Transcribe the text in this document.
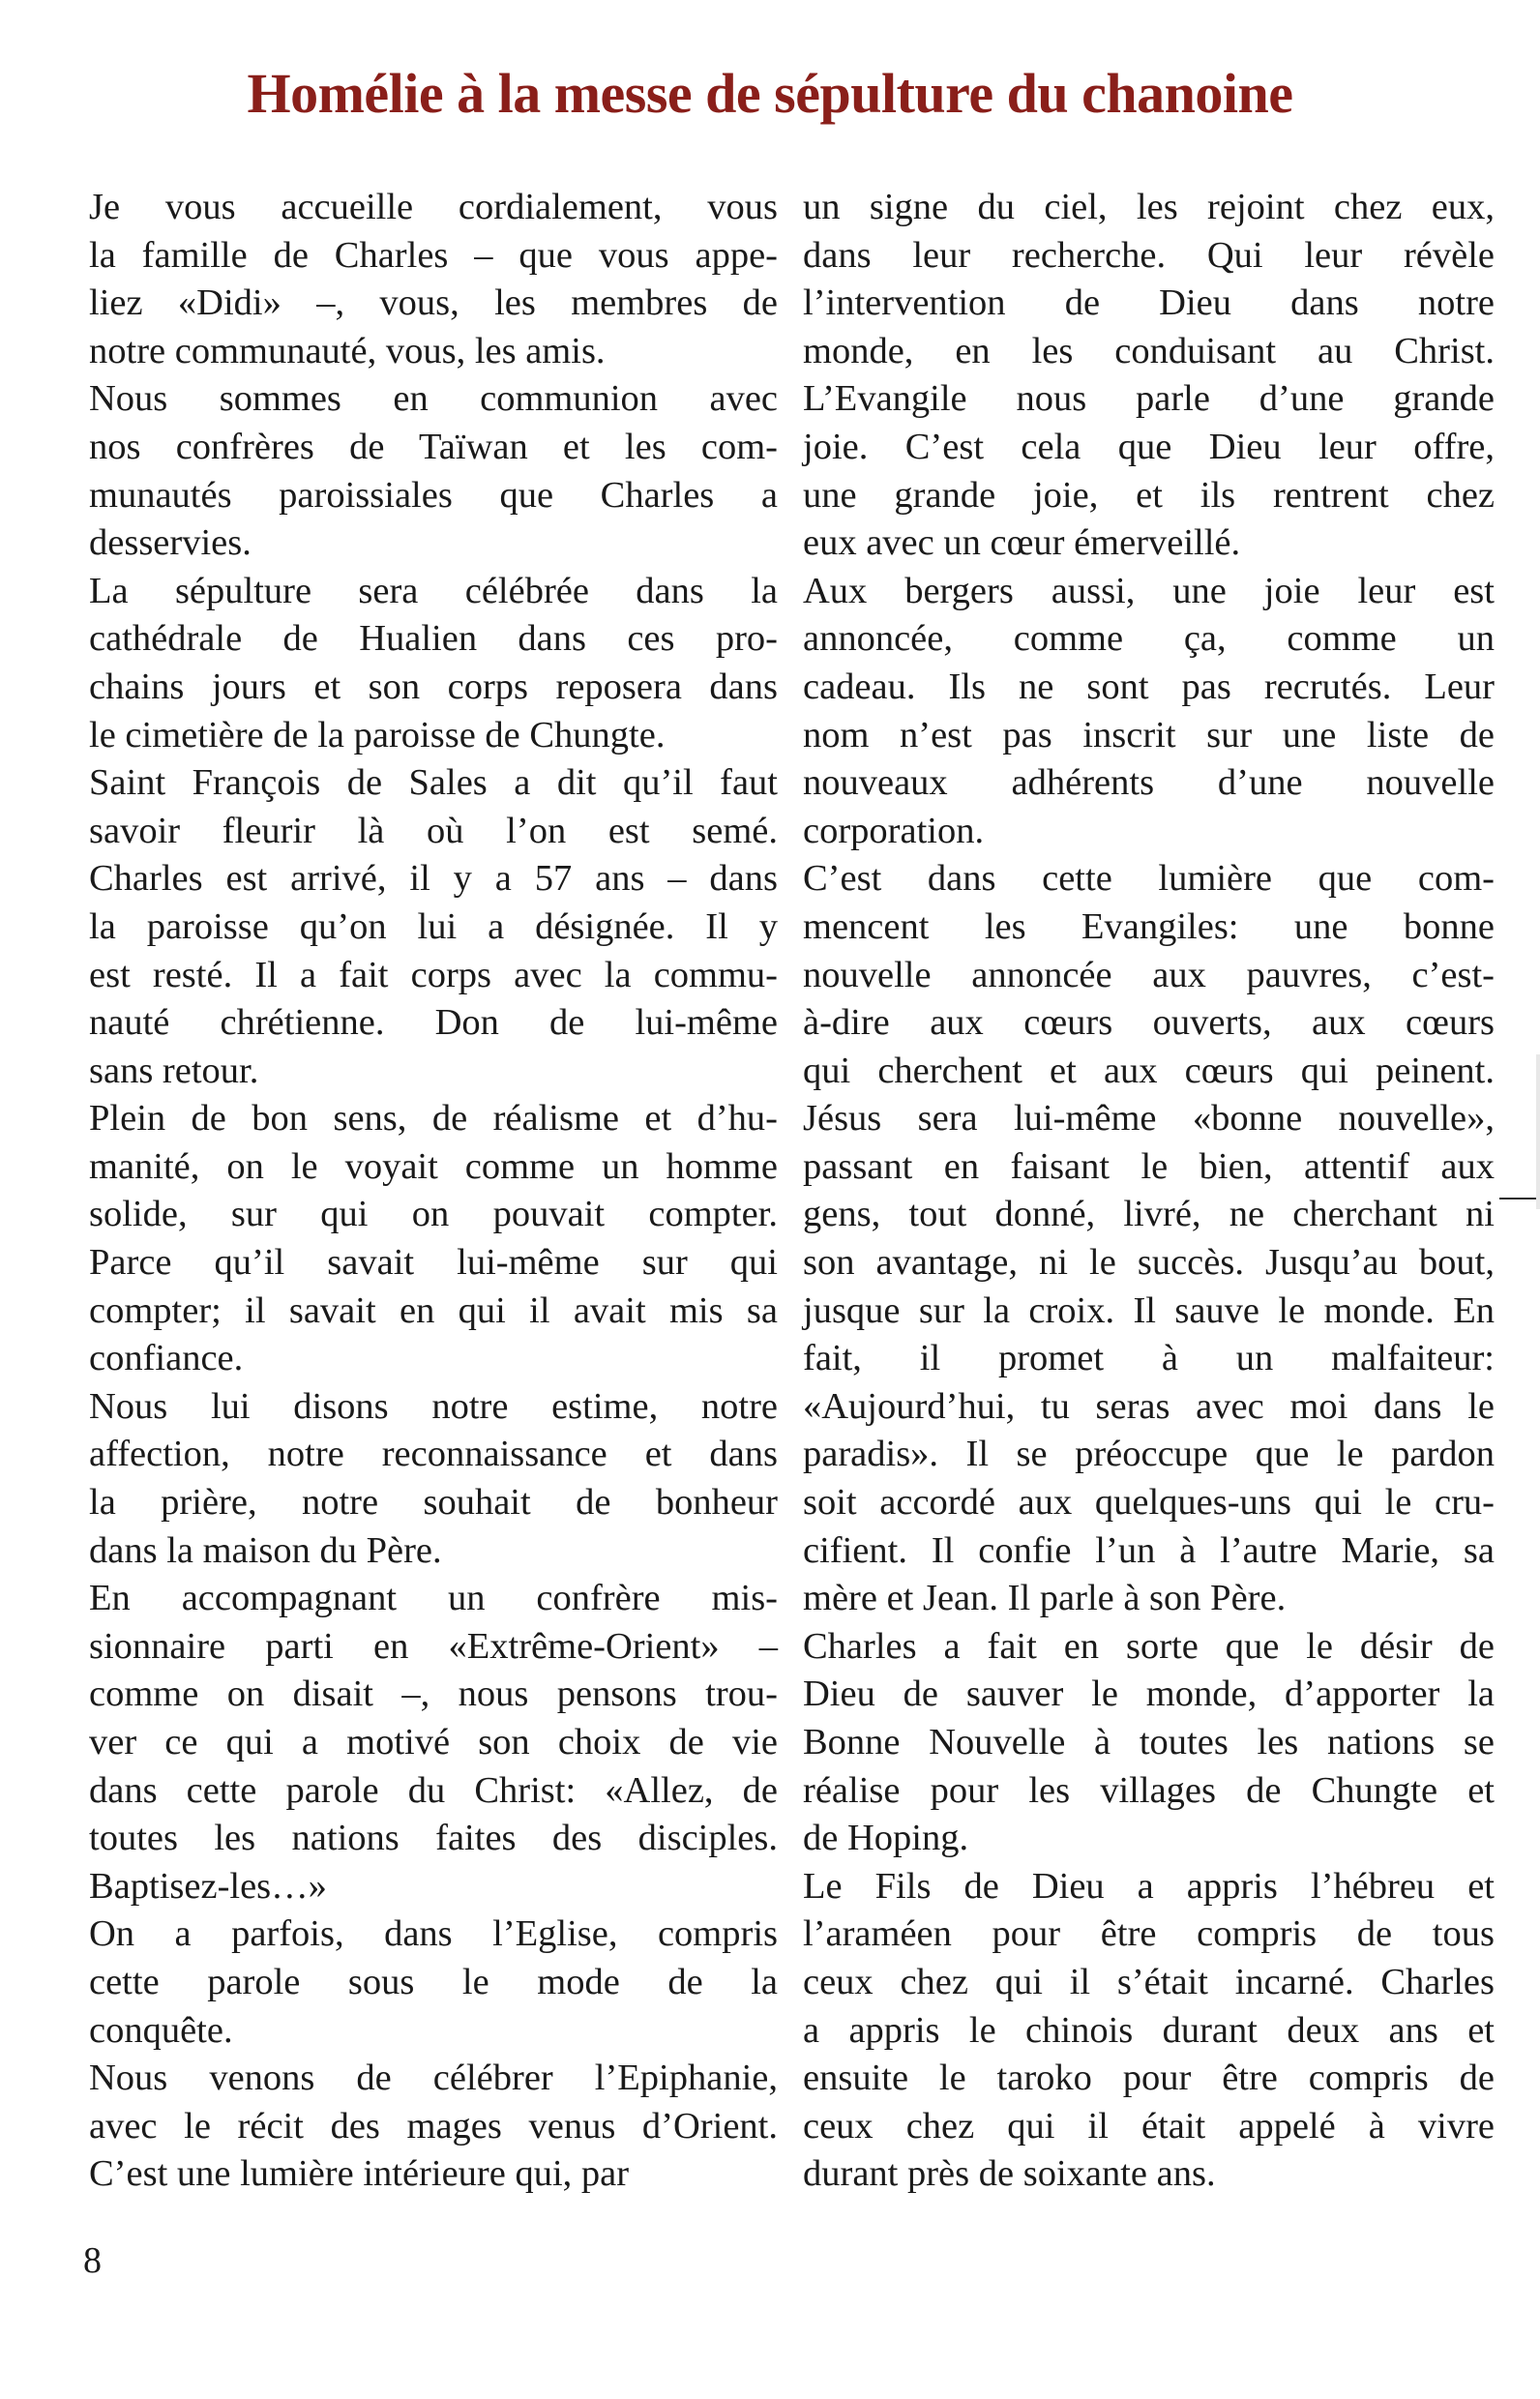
Homélie à la messe de sépulture du chanoine
Je vous accueille cordialement, vous
la famille de Charles – que vous appe-
liez «Didi» –, vous, les membres de
notre communauté, vous, les amis.
Nous sommes en communion avec
nos confrères de Taïwan et les com-
munautés paroissiales que Charles a
desservies.
La sépulture sera célébrée dans la
cathédrale de Hualien dans ces pro-
chains jours et son corps reposera dans
le cimetière de la paroisse de Chungte.
Saint François de Sales a dit qu’il faut
savoir fleurir là où l’on est semé.
Charles est arrivé, il y a 57 ans – dans
la paroisse qu’on lui a désignée. Il y
est resté. Il a fait corps avec la commu-
nauté chrétienne. Don de lui-même
sans retour.
Plein de bon sens, de réalisme et d’hu-
manité, on le voyait comme un homme
solide, sur qui on pouvait compter.
Parce qu’il savait lui-même sur qui
compter; il savait en qui il avait mis sa
confiance.
Nous lui disons notre estime, notre
affection, notre reconnaissance et dans
la prière, notre souhait de bonheur
dans la maison du Père.
En accompagnant un confrère mis-
sionnaire parti en «Extrême-Orient» –
comme on disait –, nous pensons trou-
ver ce qui a motivé son choix de vie
dans cette parole du Christ: «Allez, de
toutes les nations faites des disciples.
Baptisez-les…»
On a parfois, dans l’Eglise, compris
cette parole sous le mode de la
conquête.
Nous venons de célébrer l’Epiphanie,
avec le récit des mages venus d’Orient.
C’est une lumière intérieure qui, par
un signe du ciel, les rejoint chez eux,
dans leur recherche. Qui leur révèle
l’intervention de Dieu dans notre
monde, en les conduisant au Christ.
L’Evangile nous parle d’une grande
joie. C’est cela que Dieu leur offre,
une grande joie, et ils rentrent chez
eux avec un cœur émerveillé.
Aux bergers aussi, une joie leur est
annoncée, comme ça, comme un
cadeau. Ils ne sont pas recrutés. Leur
nom n’est pas inscrit sur une liste de
nouveaux adhérents d’une nouvelle
corporation.
C’est dans cette lumière que com-
mencent les Evangiles: une bonne
nouvelle annoncée aux pauvres, c’est-
à-dire aux cœurs ouverts, aux cœurs
qui cherchent et aux cœurs qui peinent.
Jésus sera lui-même «bonne nouvelle»,
passant en faisant le bien, attentif aux
gens, tout donné, livré, ne cherchant ni
son avantage, ni le succès. Jusqu’au bout,
jusque sur la croix. Il sauve le monde. En
fait, il promet à un malfaiteur:
«Aujourd’hui, tu seras avec moi dans le
paradis». Il se préoccupe que le pardon
soit accordé aux quelques-uns qui le cru-
cifient. Il confie l’un à l’autre Marie, sa
mère et Jean. Il parle à son Père.
Charles a fait en sorte que le désir de
Dieu de sauver le monde, d’apporter la
Bonne Nouvelle à toutes les nations se
réalise pour les villages de Chungte et
de Hoping.
Le Fils de Dieu a appris l’hébreu et
l’araméen pour être compris de tous
ceux chez qui il s’était incarné. Charles
a appris le chinois durant deux ans et
ensuite le taroko pour être compris de
ceux chez qui il était appelé à vivre
durant près de soixante ans.
8
